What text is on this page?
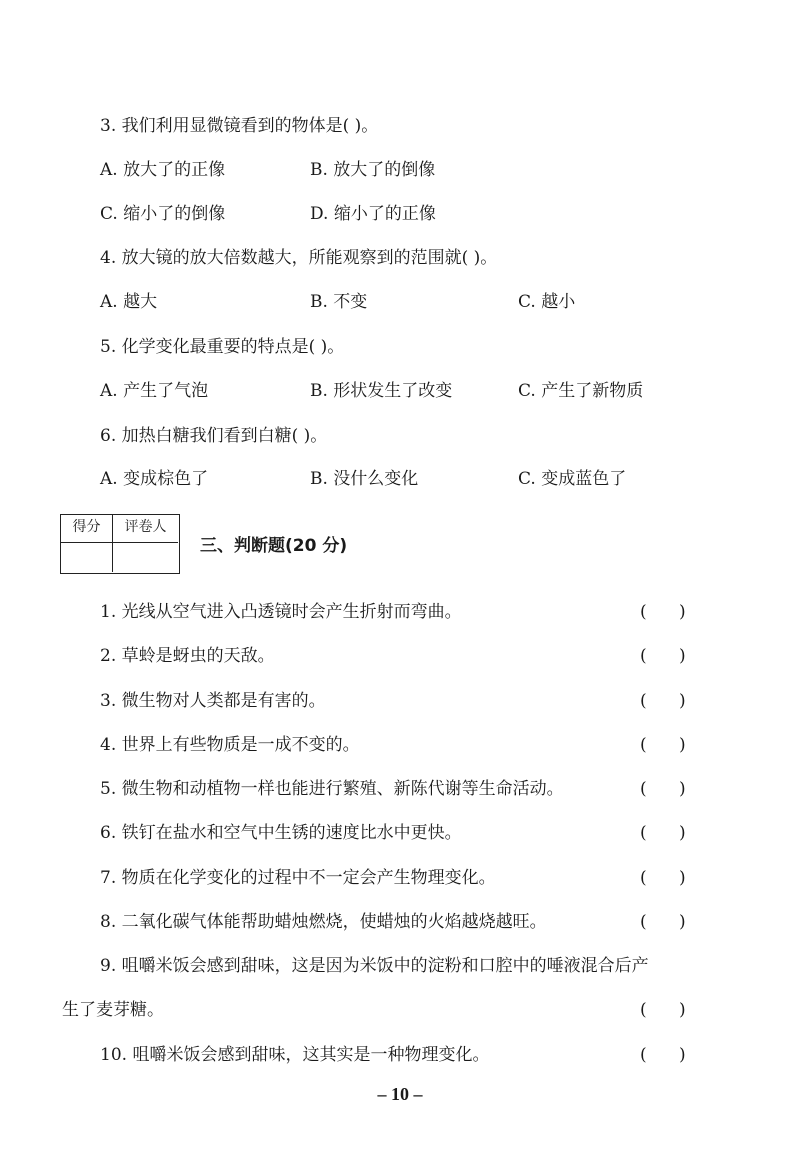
3. 我们利用显微镜看到的物体是( )。
A. 放大了的正像	B. 放大了的倒像
C. 缩小了的倒像	D. 缩小了的正像
4. 放大镜的放大倍数越大，所能观察到的范围就( )。
A. 越大	B. 不变	C. 越小
5. 化学变化最重要的特点是( )。
A. 产生了气泡	B. 形状发生了改变	C. 产生了新物质
6. 加热白糖我们看到白糖( )。
A. 变成棕色了	B. 没什么变化	C. 变成蓝色了
得分	评卷人
三、判断题(20 分)
1. 光线从空气进入凸透镜时会产生折射而弯曲。	(      )
2. 草蛉是蚜虫的天敌。	(      )
3. 微生物对人类都是有害的。	(      )
4. 世界上有些物质是一成不变的。	(      )
5. 微生物和动植物一样也能进行繁殖、新陈代谢等生命活动。	(      )
6. 铁钉在盐水和空气中生锈的速度比水中更快。	(      )
7. 物质在化学变化的过程中不一定会产生物理变化。	(      )
8. 二氧化碳气体能帮助蜡烛燃烧，使蜡烛的火焰越烧越旺。	(      )
9. 咀嚼米饭会感到甜味，这是因为米饭中的淀粉和口腔中的唾液混合后产
生了麦芽糖。	(      )
10. 咀嚼米饭会感到甜味，这其实是一种物理变化。	(      )
– 10 –
